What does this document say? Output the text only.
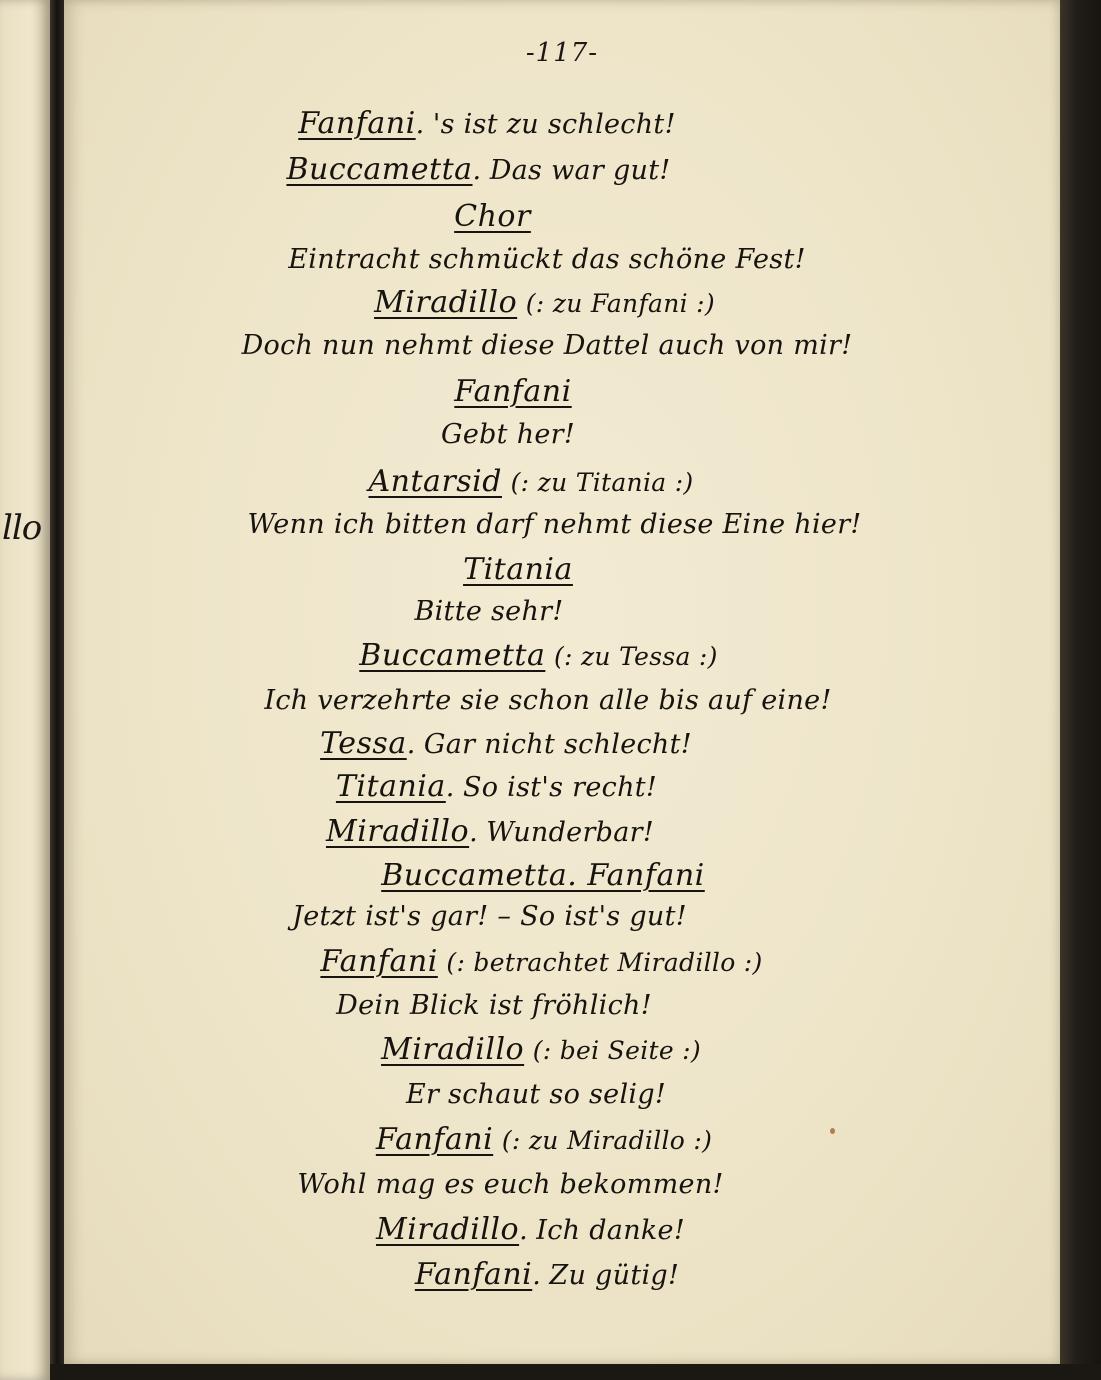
llo
-117-
Fanfani. 's ist zu schlecht!
Buccametta. Das war gut!
Chor
Eintracht schmückt das schöne Fest!
Miradillo (: zu Fanfani :)
Doch nun nehmt diese Dattel auch von mir!
Fanfani
Gebt her!
Antarsid (: zu Titania :)
Wenn ich bitten darf nehmt diese Eine hier!
Titania
Bitte sehr!
Buccametta (: zu Tessa :)
Ich verzehrte sie schon alle bis auf eine!
Tessa. Gar nicht schlecht!
Titania. So ist's recht!
Miradillo. Wunderbar!
Buccametta. Fanfani
Jetzt ist's gar! – So ist's gut!
Fanfani (: betrachtet Miradillo :)
Dein Blick ist fröhlich!
Miradillo (: bei Seite :)
Er schaut so selig!
Fanfani (: zu Miradillo :)
Wohl mag es euch bekommen!
Miradillo. Ich danke!
Fanfani. Zu gütig!
